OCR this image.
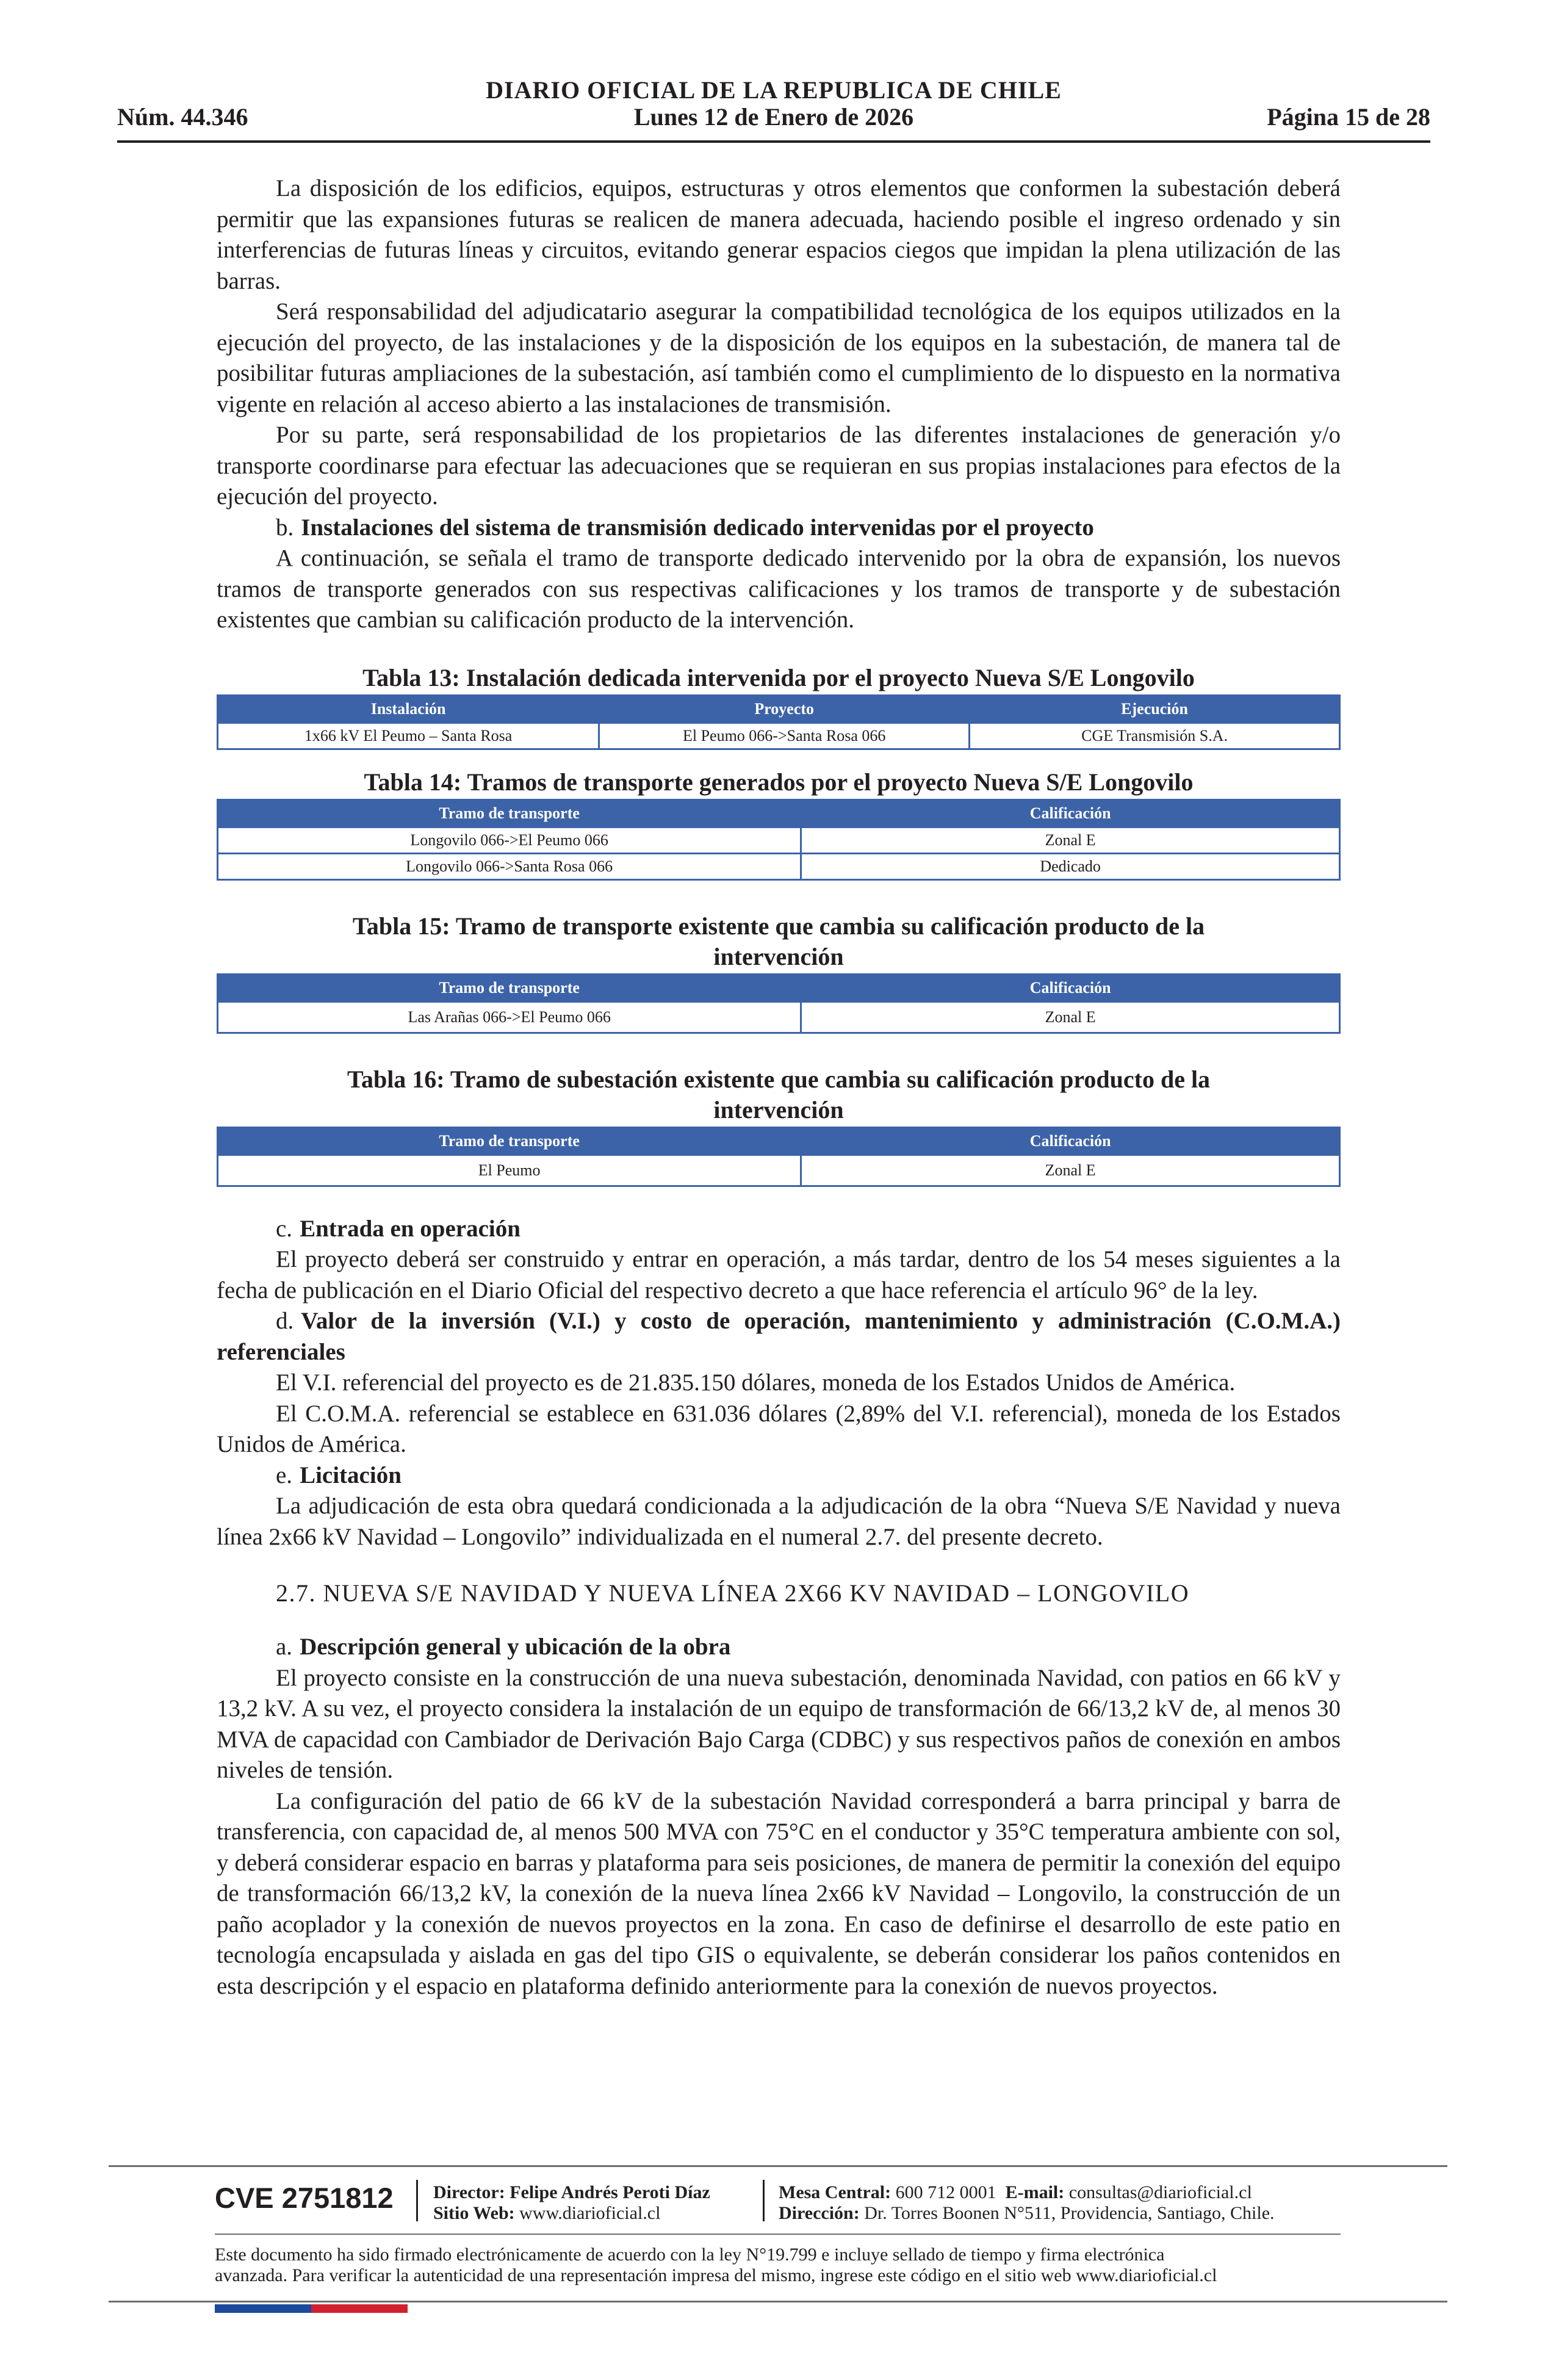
DIARIO OFICIAL DE LA REPUBLICA DE CHILE
Núm. 44.346	Lunes 12 de Enero de 2026	Página 15 de 28

La disposición de los edificios, equipos, estructuras y otros elementos que conformen la subestación deberá permitir que las expansiones futuras se realicen de manera adecuada, haciendo posible el ingreso ordenado y sin interferencias de futuras líneas y circuitos, evitando generar espacios ciegos que impidan la plena utilización de las barras.

Será responsabilidad del adjudicatario asegurar la compatibilidad tecnológica de los equipos utilizados en la ejecución del proyecto, de las instalaciones y de la disposición de los equipos en la subestación, de manera tal de posibilitar futuras ampliaciones de la subestación, así también como el cumplimiento de lo dispuesto en la normativa vigente en relación al acceso abierto a las instalaciones de transmisión.

Por su parte, será responsabilidad de los propietarios de las diferentes instalaciones de generación y/o transporte coordinarse para efectuar las adecuaciones que se requieran en sus propias instalaciones para efectos de la ejecución del proyecto.

b. Instalaciones del sistema de transmisión dedicado intervenidas por el proyecto

A continuación, se señala el tramo de transporte dedicado intervenido por la obra de expansión, los nuevos tramos de transporte generados con sus respectivas calificaciones y los tramos de transporte y de subestación existentes que cambian su calificación producto de la intervención.

Tabla 13: Instalación dedicada intervenida por el proyecto Nueva S/E Longovilo

Instalación	Proyecto	Ejecución
1x66 kV El Peumo – Santa Rosa	El Peumo 066->Santa Rosa 066	CGE Transmisión S.A.

Tabla 14: Tramos de transporte generados por el proyecto Nueva S/E Longovilo

Tramo de transporte	Calificación
Longovilo 066->El Peumo 066	Zonal E
Longovilo 066->Santa Rosa 066	Dedicado

Tabla 15: Tramo de transporte existente que cambia su calificación producto de la

intervención

Tramo de transporte	Calificación
Las Arañas 066->El Peumo 066	Zonal E

Tabla 16: Tramo de subestación existente que cambia su calificación producto de la

intervención

Tramo de transporte	Calificación
El Peumo	Zonal E

c. Entrada en operación

El proyecto deberá ser construido y entrar en operación, a más tardar, dentro de los 54 meses siguientes a la fecha de publicación en el Diario Oficial del respectivo decreto a que hace referencia el artículo 96° de la ley.

d. Valor de la inversión (V.I.) y costo de operación, mantenimiento y administración (C.O.M.A.) referenciales

El V.I. referencial del proyecto es de 21.835.150 dólares, moneda de los Estados Unidos de América.

El C.O.M.A. referencial se establece en 631.036 dólares (2,89% del V.I. referencial), moneda de los Estados Unidos de América.

e. Licitación

La adjudicación de esta obra quedará condicionada a la adjudicación de la obra “Nueva S/E Navidad y nueva línea 2x66 kV Navidad – Longovilo” individualizada en el numeral 2.7. del presente decreto.

2.7. NUEVA S/E NAVIDAD Y NUEVA LÍNEA 2X66 KV NAVIDAD – LONGOVILO

a. Descripción general y ubicación de la obra

El proyecto consiste en la construcción de una nueva subestación, denominada Navidad, con patios en 66 kV y 13,2 kV. A su vez, el proyecto considera la instalación de un equipo de transformación de 66/13,2 kV de, al menos 30 MVA de capacidad con Cambiador de Derivación Bajo Carga (CDBC) y sus respectivos paños de conexión en ambos niveles de tensión.

La configuración del patio de 66 kV de la subestación Navidad corresponderá a barra principal y barra de transferencia, con capacidad de, al menos 500 MVA con 75°C en el conductor y 35°C temperatura ambiente con sol, y deberá considerar espacio en barras y plataforma para seis posiciones, de manera de permitir la conexión del equipo de transformación 66/13,2 kV, la conexión de la nueva línea 2x66 kV Navidad – Longovilo, la construcción de un paño acoplador y la conexión de nuevos proyectos en la zona. En caso de definirse el desarrollo de este patio en tecnología encapsulada y aislada en gas del tipo GIS o equivalente, se deberán considerar los paños contenidos en esta descripción y el espacio en plataforma definido anteriormente para la conexión de nuevos proyectos.

CVE 2751812 Director: Felipe Andrés Peroti Díaz
Sitio Web: www.diarioficial.cl
Mesa Central: 600 712 0001 E-mail: consultas@diarioficial.cl
Dirección: Dr. Torres Boonen N°511, Providencia, Santiago, Chile.
Este documento ha sido firmado electrónicamente de acuerdo con la ley N°19.799 e incluye sellado de tiempo y firma electrónica
avanzada. Para verificar la autenticidad de una representación impresa del mismo, ingrese este código en el sitio web www.diarioficial.cl
